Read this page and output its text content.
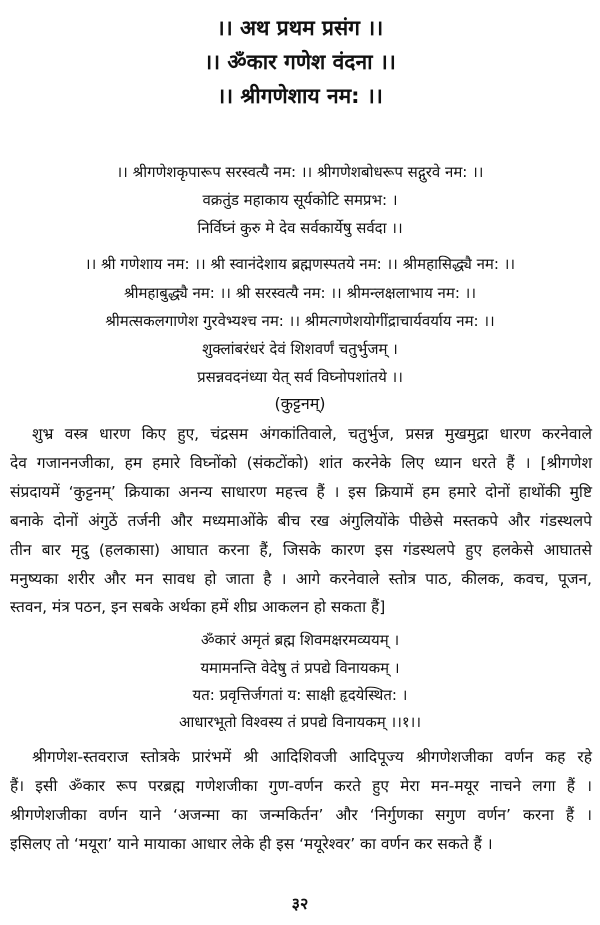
।। अथ प्रथम प्रसंग ।।
।। ॐकार गणेश वंदना ।।
।। श्रीगणेशाय नम: ।।
।। श्रीगणेशकृपारूप सरस्वत्यै नम: ।। श्रीगणेशबोधरूप सद्गुरवे नम: ।।
वक्रतुंड महाकाय सूर्यकोटि समप्रभ: ।
निर्विघ्नं कुरु मे देव सर्वकार्येषु सर्वदा ।।
।। श्री गणेशाय नम: ।। श्री स्वानंदेशाय ब्रह्मणस्पतये नम: ।। श्रीमहासिद्ध्यै नम: ।।
श्रीमहाबुद्ध्यै नम: ।। श्री सरस्वत्यै नम: ।। श्रीमन्लक्षलाभाय नम: ।।
श्रीमत्सकलगाणेश गुरवेभ्यश्च नम: ।। श्रीमत्गणेशयोगींद्राचार्यवर्याय नम: ।।
शुक्लांबरंधरं देवं शिशवर्णं चतुर्भुजम् ।
प्रसन्नवदनंध्या येत् सर्व विघ्नोपशांतये ।।
(कुट्टनम्)
शुभ्र वस्त्र धारण किए हुए, चंद्रसम अंगकांतिवाले, चतुर्भुज, प्रसन्न मुखमुद्रा धारण करनेवाले
देव गजाननजीका, हम हमारे विघ्नोंको (संकटोंको) शांत करनेके लिए ध्यान धरते हैं । [श्रीगणेश
संप्रदायमें ‘कुट्टनम्’ क्रियाका अनन्य साधारण महत्त्व हैं । इस क्रियामें हम हमारे दोनों हाथोंकी मुष्टि
बनाके दोनों अंगुठें तर्जनी और मध्यमाओंके बीच रख अंगुलियोंके पीछेसे मस्तकपे और गंडस्थलपे
तीन बार मृदु (हलकासा) आघात करना हैं, जिसके कारण इस गंडस्थलपे हुए हलकेसे आघातसे
मनुष्यका शरीर और मन सावध हो जाता है । आगे करनेवाले स्तोत्र पाठ, कीलक, कवच, पूजन,
स्तवन, मंत्र पठन, इन सबके अर्थका हमें शीघ्र आकलन हो सकता हैं]
ॐकारं अमृतं ब्रह्म शिवमक्षरमव्ययम् ।
यमामनन्ति वेदेषु तं प्रपद्ये विनायकम् ।
यत: प्रवृत्तिर्जगतां य: साक्षी हृदयेस्थित: ।
आधारभूतो विश्वस्य तं प्रपद्ये विनायकम् ।।१।।
श्रीगणेश-स्तवराज स्तोत्रके प्रारंभमें श्री आदिशिवजी आदिपूज्य श्रीगणेशजीका वर्णन कह रहे
हैं। इसी ॐकार रूप परब्रह्म गणेशजीका गुण-वर्णन करते हुए मेरा मन-मयूर नाचने लगा हैं ।
श्रीगणेशजीका वर्णन याने ‘अजन्मा का जन्मकिर्तन’ और ‘निर्गुणका सगुण वर्णन’ करना हैं ।
इसिलए तो ‘मयूरा’ याने मायाका आधार लेके ही इस ‘मयूरेश्वर’ का वर्णन कर सकते हैं ।
३२
